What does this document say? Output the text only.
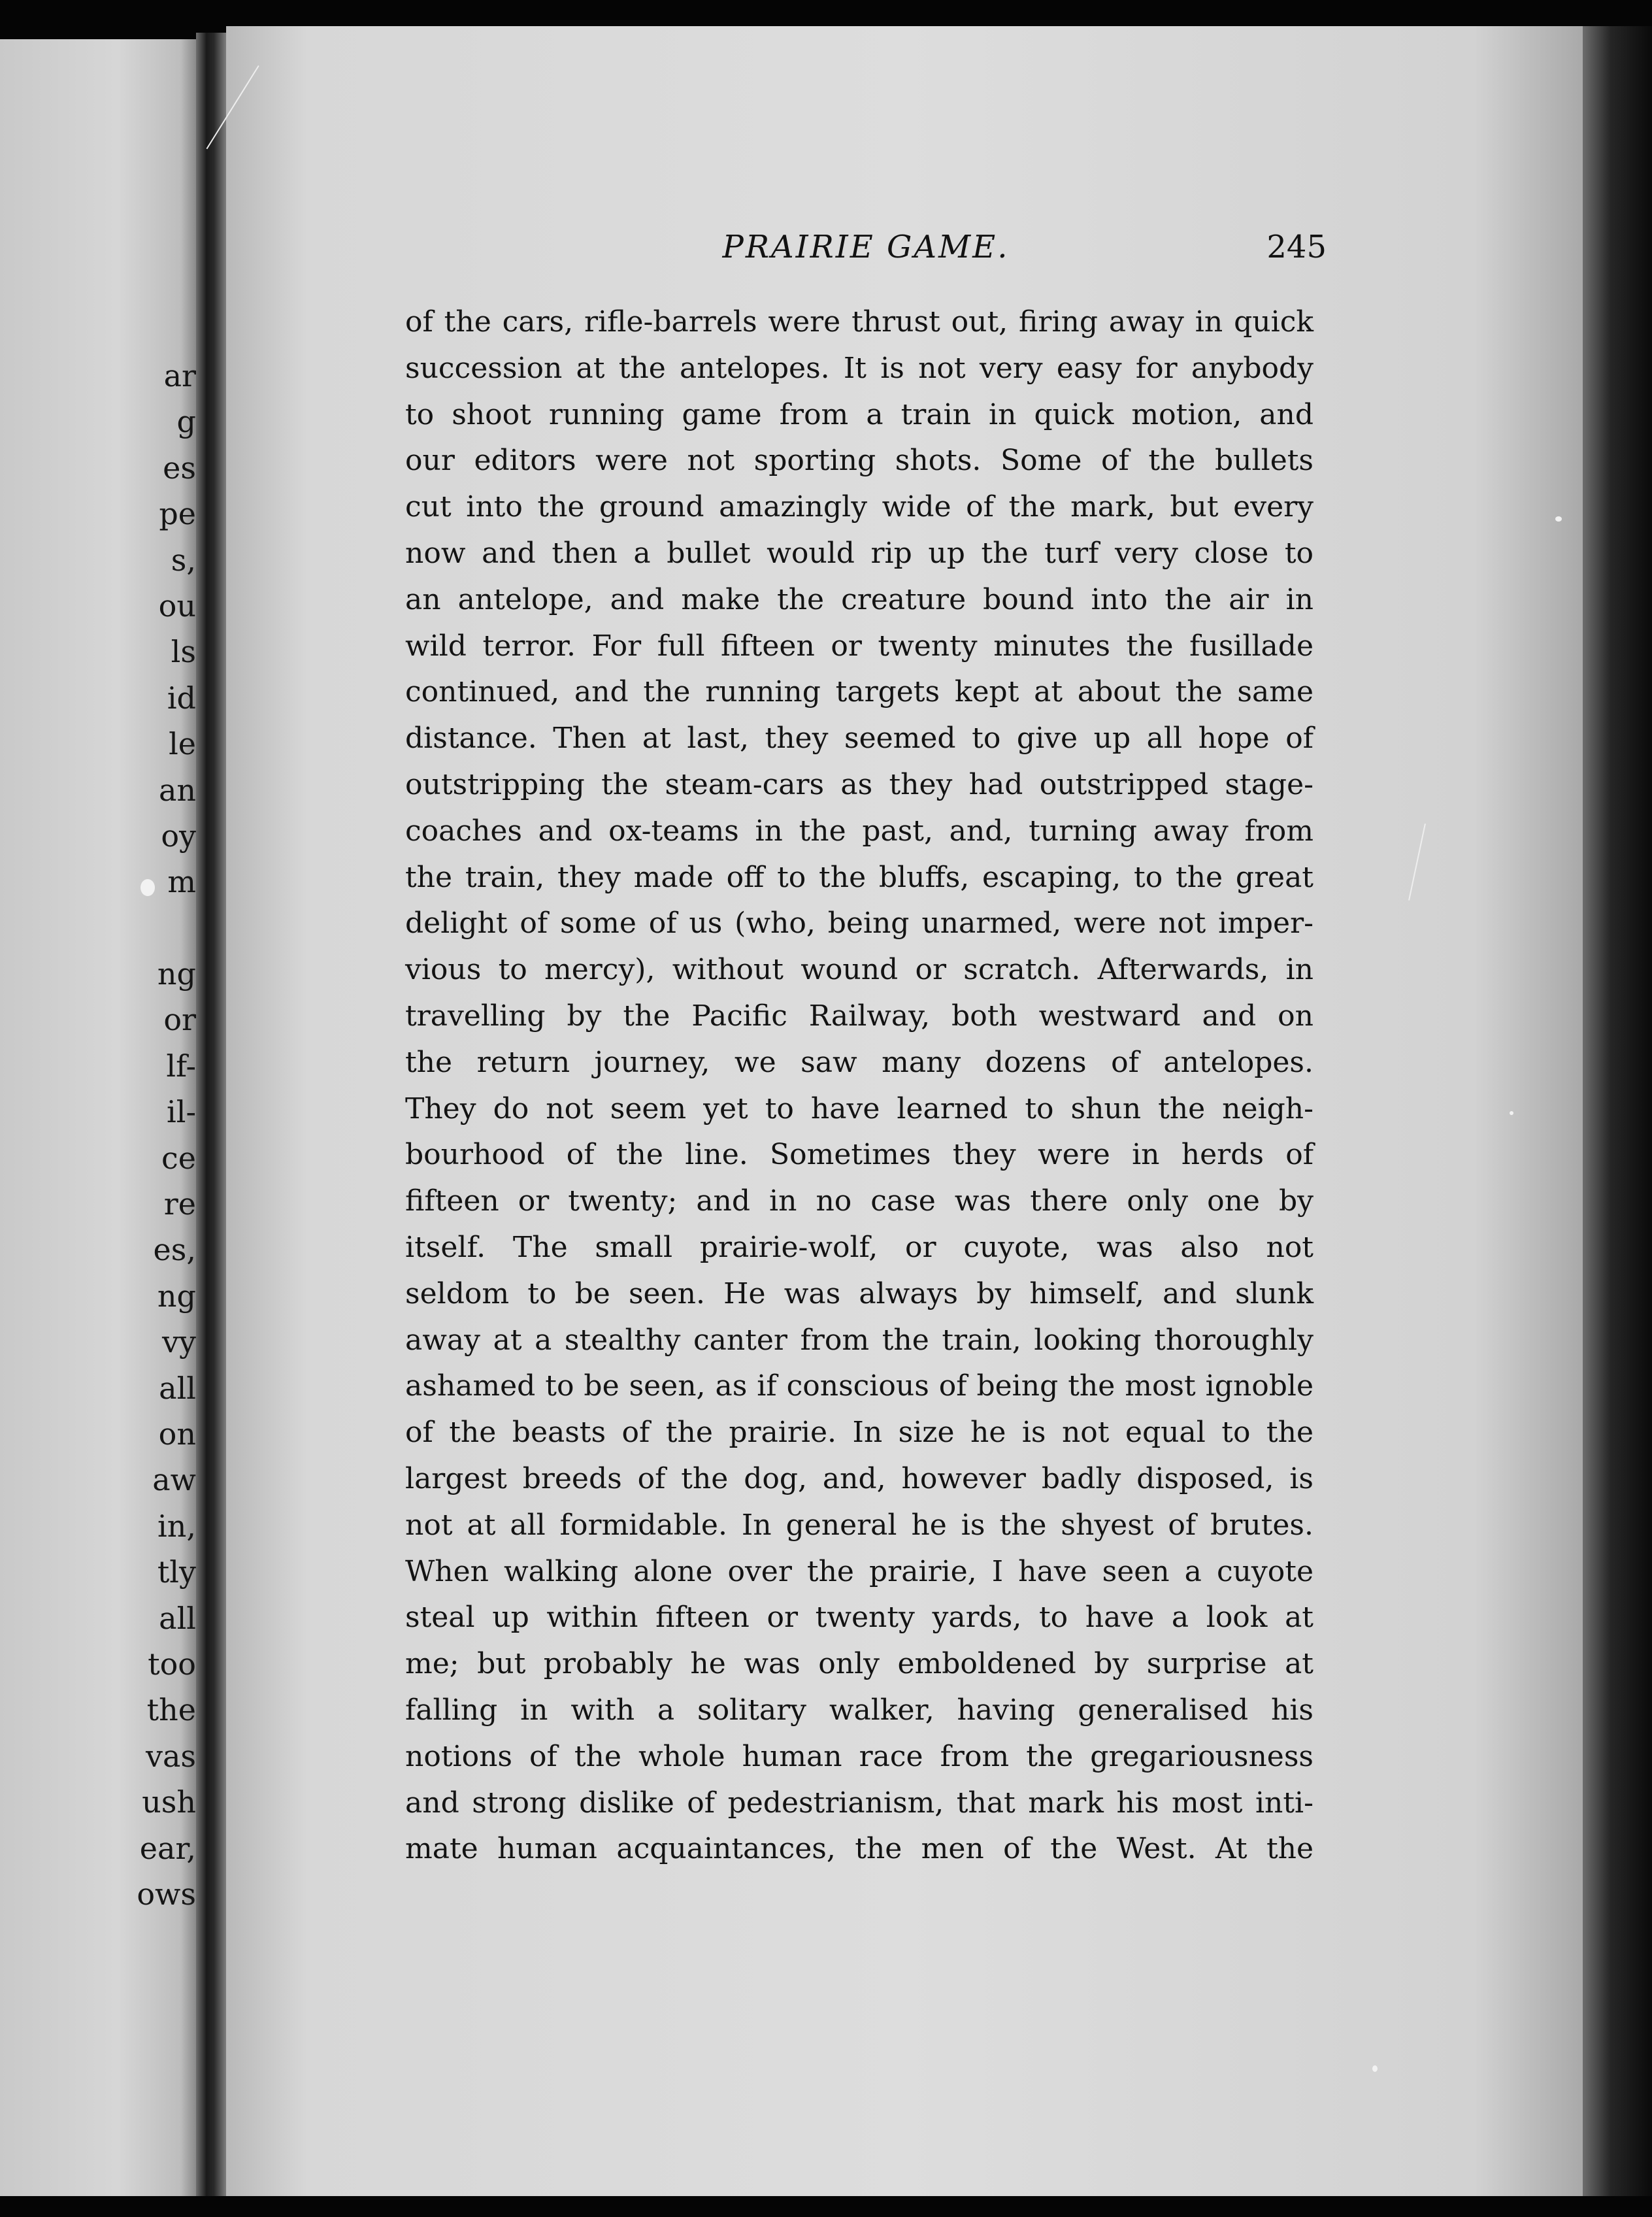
ar
g
es
pe
s,
ou
ls
id
le
an
oy
m
ng
or
lf-
il-
ce
re
es,
ng
vy
all
on
aw
in,
tly
all
too
the
vas
ush
ear,
ows
PRAIRIE GAME.	245
of the cars, rifle-barrels were thrust out, firing away in quick
succession at the antelopes. It is not very easy for anybody
to shoot running game from a train in quick motion, and
our editors were not sporting shots. Some of the bullets
cut into the ground amazingly wide of the mark, but every
now and then a bullet would rip up the turf very close to
an antelope, and make the creature bound into the air in
wild terror. For full fifteen or twenty minutes the fusillade
continued, and the running targets kept at about the same
distance. Then at last, they seemed to give up all hope of
outstripping the steam-cars as they had outstripped stage-
coaches and ox-teams in the past, and, turning away from
the train, they made off to the bluffs, escaping, to the great
delight of some of us (who, being unarmed, were not imper-
vious to mercy), without wound or scratch. Afterwards, in
travelling by the Pacific Railway, both westward and on
the return journey, we saw many dozens of antelopes.
They do not seem yet to have learned to shun the neigh-
bourhood of the line. Sometimes they were in herds of
fifteen or twenty; and in no case was there only one by
itself. The small prairie-wolf, or cuyote, was also not
seldom to be seen. He was always by himself, and slunk
away at a stealthy canter from the train, looking thoroughly
ashamed to be seen, as if conscious of being the most ignoble
of the beasts of the prairie. In size he is not equal to the
largest breeds of the dog, and, however badly disposed, is
not at all formidable. In general he is the shyest of brutes.
When walking alone over the prairie, I have seen a cuyote
steal up within fifteen or twenty yards, to have a look at
me; but probably he was only emboldened by surprise at
falling in with a solitary walker, having generalised his
notions of the whole human race from the gregariousness
and strong dislike of pedestrianism, that mark his most inti-
mate human acquaintances, the men of the West. At the
